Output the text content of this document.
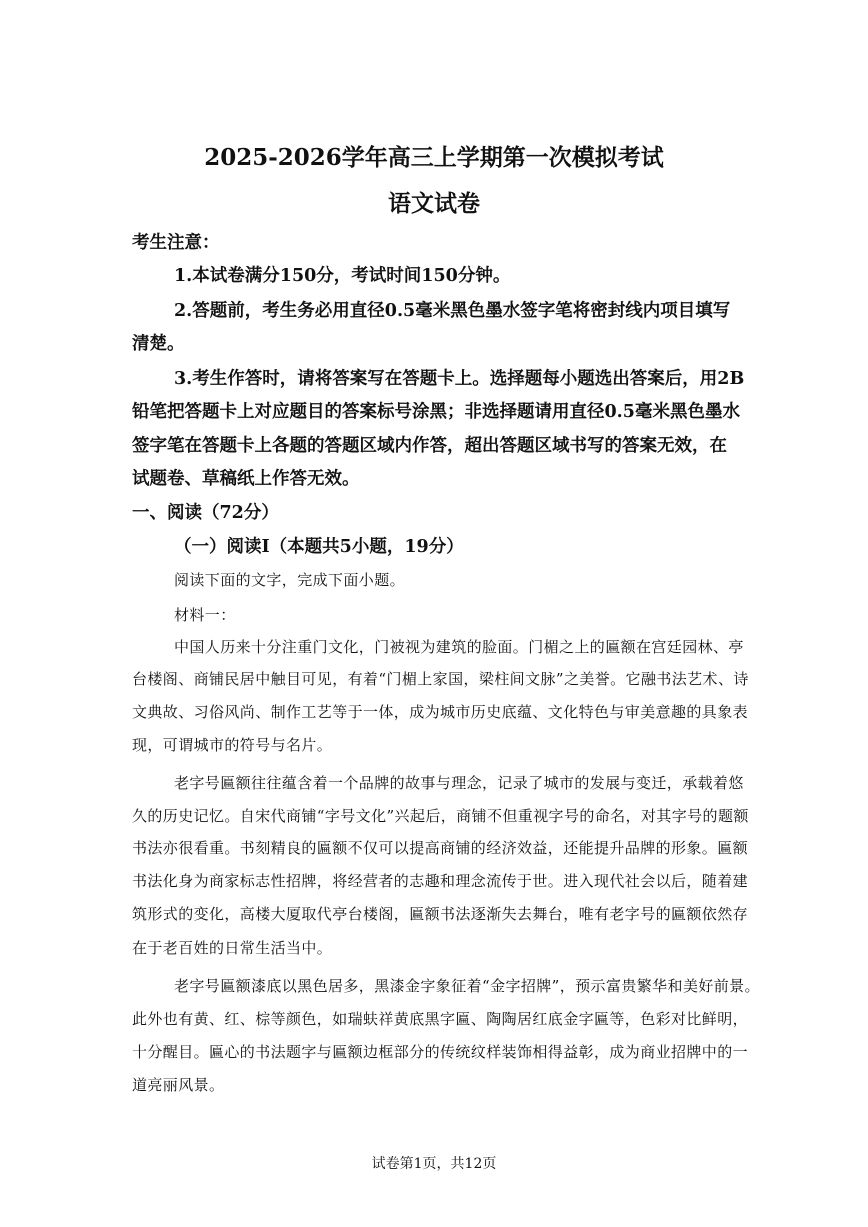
2025-2026学年高三上学期第一次模拟考试
语文试卷
考生注意：
1.本试卷满分150分，考试时间150分钟。
2.答题前，考生务必用直径0.5毫米黑色墨水签字笔将密封线内项目填写
清楚。
3.考生作答时，请将答案写在答题卡上。选择题每小题选出答案后，用2B
铅笔把答题卡上对应题目的答案标号涂黑；非选择题请用直径0.5毫米黑色墨水
签字笔在答题卡上各题的答题区域内作答，超出答题区域书写的答案无效，在
试题卷、草稿纸上作答无效。
一、阅读（72分）
（一）阅读I（本题共5小题，19分）
阅读下面的文字，完成下面小题。
材料一：
中国人历来十分注重门文化，门被视为建筑的脸面。门楣之上的匾额在宫廷园林、亭
台楼阁、商铺民居中触目可见，有着“门楣上家国，梁柱间文脉”之美誉。它融书法艺术、诗
文典故、习俗风尚、制作工艺等于一体，成为城市历史底蕴、文化特色与审美意趣的具象表
现，可谓城市的符号与名片。
老字号匾额往往蕴含着一个品牌的故事与理念，记录了城市的发展与变迁，承载着悠
久的历史记忆。自宋代商铺“字号文化”兴起后，商铺不但重视字号的命名，对其字号的题额
书法亦很看重。书刻精良的匾额不仅可以提高商铺的经济效益，还能提升品牌的形象。匾额
书法化身为商家标志性招牌，将经营者的志趣和理念流传于世。进入现代社会以后，随着建
筑形式的变化，高楼大厦取代亭台楼阁，匾额书法逐渐失去舞台，唯有老字号的匾额依然存
在于老百姓的日常生活当中。
老字号匾额漆底以黑色居多，黑漆金字象征着“金字招牌”，预示富贵繁华和美好前景。
此外也有黄、红、棕等颜色，如瑞蚨祥黄底黑字匾、陶陶居红底金字匾等，色彩对比鲜明，
十分醒目。匾心的书法题字与匾额边框部分的传统纹样装饰相得益彰，成为商业招牌中的一
道亮丽风景。
试卷第1页，共12页
